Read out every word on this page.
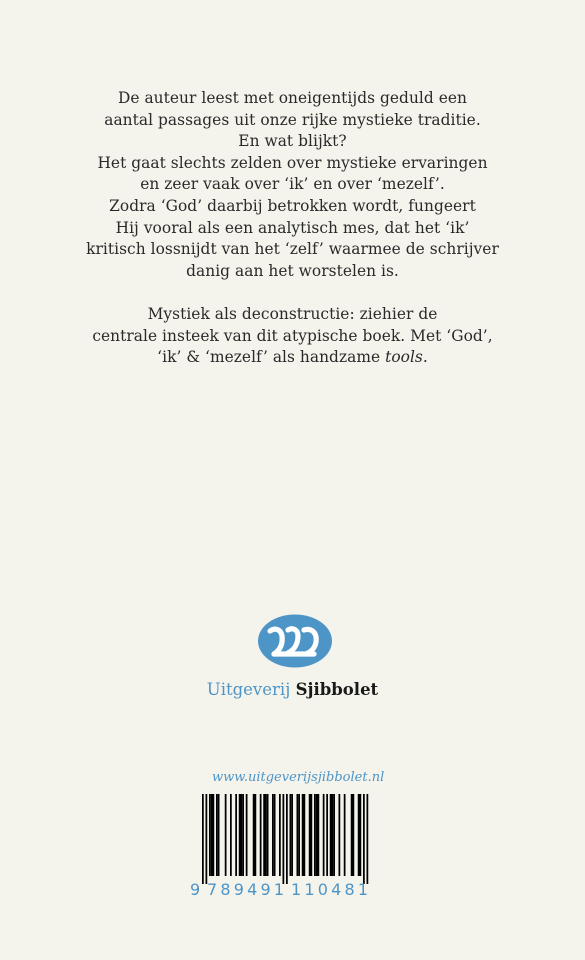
De auteur leest met oneigentijds geduld een
aantal passages uit onze rijke mystieke traditie.
En wat blijkt?
Het gaat slechts zelden over mystieke ervaringen
en zeer vaak over ‘ik’ en over ‘mezelf’.
Zodra ‘God’ daarbij betrokken wordt, fungeert
Hij vooral als een analytisch mes, dat het ‘ik’
kritisch lossnijdt van het ‘zelf’ waarmee de schrijver
danig aan het worstelen is.
Mystiek als deconstructie: ziehier de
centrale insteek van dit atypische boek. Met ‘God’,
‘ik’ & ‘mezelf’ als handzame tools.
Uitgeverij Sjibbolet
www.uitgeverijsjibbolet.nl
9 789491 110481
